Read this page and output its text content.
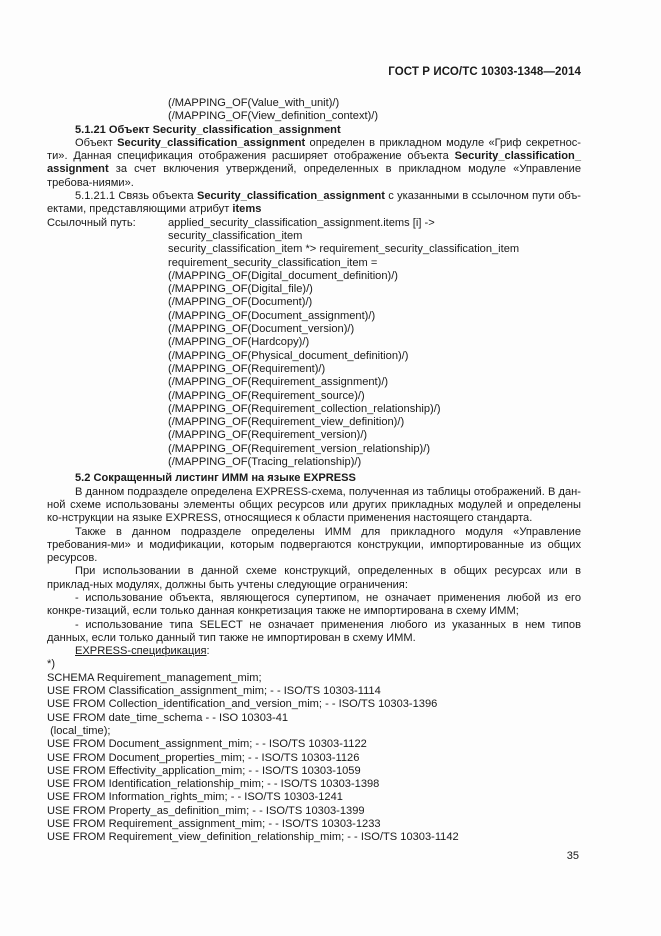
ГОСТ Р ИСО/ТС 10303-1348—2014
(/MAPPING_OF(Value_with_unit)/)
(/MAPPING_OF(View_definition_context)/)
5.1.21 Объект Security_classification_assignment

Объект Security_classification_assignment определен в прикладном модуле «Гриф секретнос-ти». Данная спецификация отображения расширяет отображение объекта Security_classification_ assignment за счет включения утверждений, определенных в прикладном модуле «Управление требова-ниями».

5.1.21.1 Связь объекта Security_classification_assignment с указанными в ссылочном пути объ-ектами, представляющими атрибут items

Ссылочный путь:	applied_security_classification_assignment.items [i] ->
security_classification_item
security_classification_item *> requirement_security_classification_item
requirement_security_classification_item =
(/MAPPING_OF(Digital_document_definition)/)
(/MAPPING_OF(Digital_file)/)
(/MAPPING_OF(Document)/)
(/MAPPING_OF(Document_assignment)/)
(/MAPPING_OF(Document_version)/)
(/MAPPING_OF(Hardcopy)/)
(/MAPPING_OF(Physical_document_definition)/)
(/MAPPING_OF(Requirement)/)
(/MAPPING_OF(Requirement_assignment)/)
(/MAPPING_OF(Requirement_source)/)
(/MAPPING_OF(Requirement_collection_relationship)/)
(/MAPPING_OF(Requirement_view_definition)/)
(/MAPPING_OF(Requirement_version)/)
(/MAPPING_OF(Requirement_version_relationship)/)
(/MAPPING_OF(Tracing_relationship)/)
5.2 Сокращенный листинг ИММ на языке EXPRESS

В данном подразделе определена EXPRESS-схема, полученная из таблицы отображений. В дан-ной схеме использованы элементы общих ресурсов или других прикладных модулей и определены ко-нструкции на языке EXPRESS, относящиеся к области применения настоящего стандарта.

Также в данном подразделе определены ИММ для прикладного модуля «Управление требования-ми» и модификации, которым подвергаются конструкции, импортированные из общих ресурсов.

При использовании в данной схеме конструкций, определенных в общих ресурсах или в приклад-ных модулях, должны быть учтены следующие ограничения:

- использование объекта, являющегося супертипом, не означает применения любой из его конкре-тизаций, если только данная конкретизация также не импортирована в схему ИММ;

- использование типа SELECT не означает применения любого из указанных в нем типов данных, если только данный тип также не импортирован в схему ИММ.

EXPRESS-спецификация:
*)
SCHEMA Requirement_management_mim;
USE FROM Classification_assignment_mim; - - ISO/TS 10303-1114
USE FROM Collection_identification_and_version_mim; - - ISO/TS 10303-1396
USE FROM date_time_schema - - ISO 10303-41
(local_time);
USE FROM Document_assignment_mim; - - ISO/TS 10303-1122
USE FROM Document_properties_mim; - - ISO/TS 10303-1126
USE FROM Effectivity_application_mim; - - ISO/TS 10303-1059
USE FROM Identification_relationship_mim; - - ISO/TS 10303-1398
USE FROM Information_rights_mim; - - ISO/TS 10303-1241
USE FROM Property_as_definition_mim; - - ISO/TS 10303-1399
USE FROM Requirement_assignment_mim; - - ISO/TS 10303-1233
USE FROM Requirement_view_definition_relationship_mim; - - ISO/TS 10303-1142
35
